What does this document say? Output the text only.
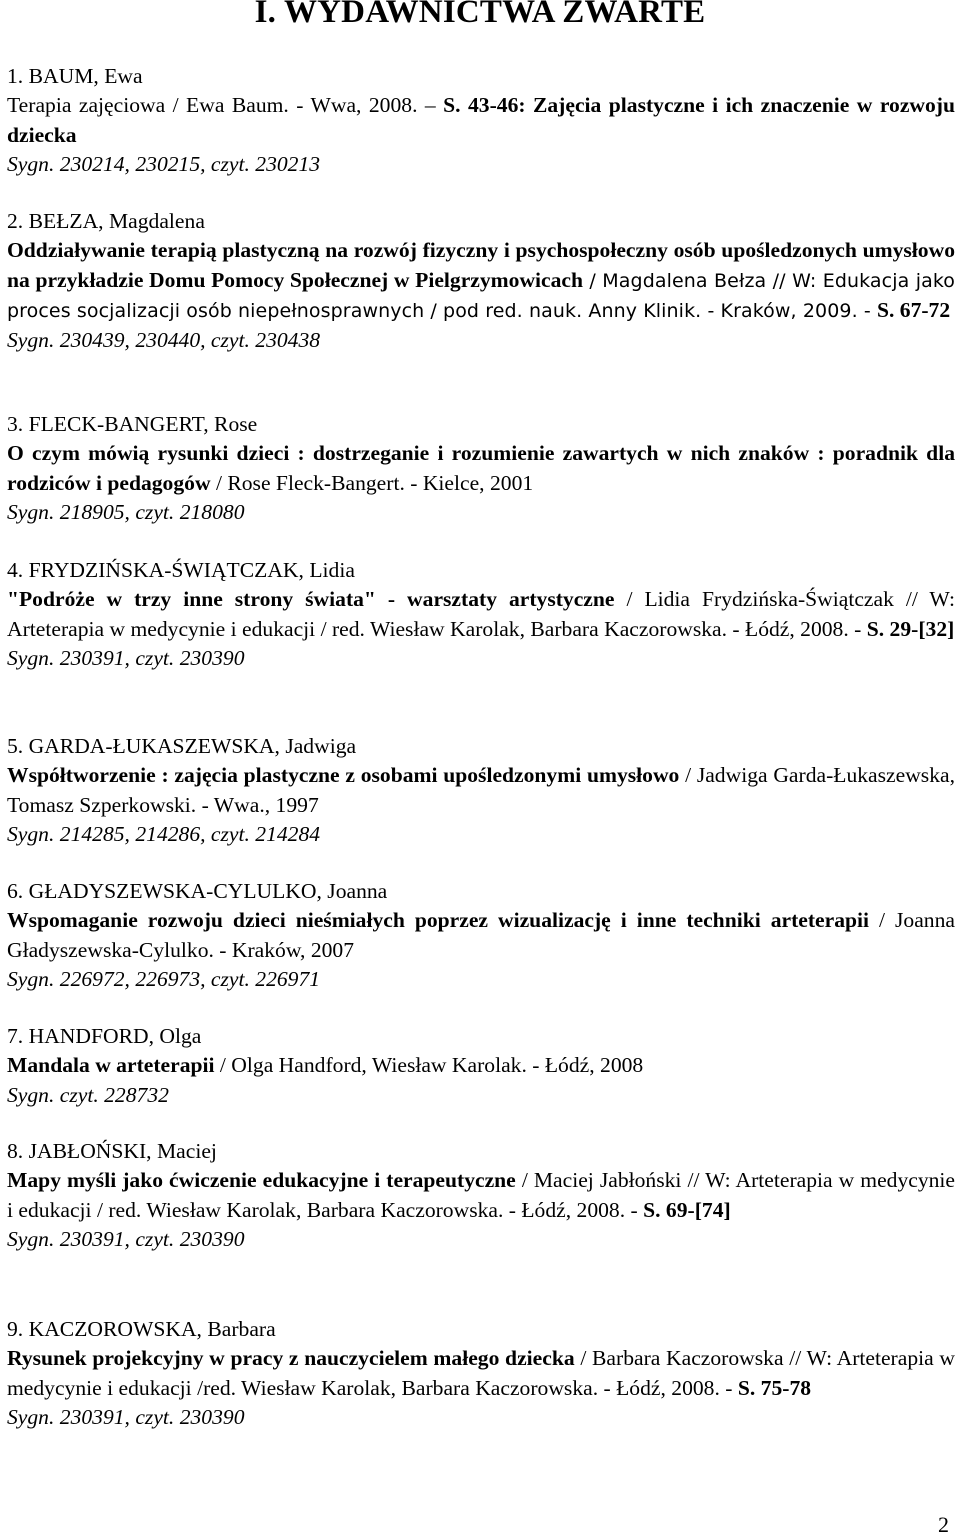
I. WYDAWNICTWA ZWARTE

1. BAUM, Ewa

Terapia zajęciowa / Ewa Baum. - Wwa, 2008. – S. 43-46: Zajęcia plastyczne i ich znaczenie w rozwoju dziecka

Sygn. 230214, 230215, czyt. 230213

2. BEŁZA, Magdalena

Oddziaływanie terapią plastyczną na rozwój fizyczny i psychospołeczny osób upośledzonych umysłowo na przykładzie Domu Pomocy Społecznej w Pielgrzymowicach / Magdalena Bełza // W: Edukacja jako proces socjalizacji osób niepełnosprawnych / pod red. nauk. Anny Klinik. - Kraków, 2009. - S. 67-72

Sygn. 230439, 230440, czyt. 230438

3. FLECK-BANGERT, Rose

O czym mówią rysunki dzieci : dostrzeganie i rozumienie zawartych w nich znaków : poradnik dla rodziców i pedagogów / Rose Fleck-Bangert. - Kielce, 2001

Sygn. 218905, czyt. 218080

4. FRYDZIŃSKA-ŚWIĄTCZAK, Lidia

"Podróże w trzy inne strony świata" - warsztaty artystyczne / Lidia Frydzińska-Świątczak // W: Arteterapia w medycynie i edukacji / red. Wiesław Karolak, Barbara Kaczorowska. - Łódź, 2008. - S. 29-[32]

Sygn. 230391, czyt. 230390

5. GARDA-ŁUKASZEWSKA, Jadwiga

Współtworzenie : zajęcia plastyczne z osobami upośledzonymi umysłowo / Jadwiga Garda-Łukaszewska, Tomasz Szperkowski. - Wwa., 1997

Sygn. 214285, 214286, czyt. 214284

6. GŁADYSZEWSKA-CYLULKO, Joanna

Wspomaganie rozwoju dzieci nieśmiałych poprzez wizualizację i inne techniki arteterapii / Joanna Gładyszewska-Cylulko. - Kraków, 2007

Sygn. 226972, 226973, czyt. 226971

7. HANDFORD, Olga

Mandala w arteterapii / Olga Handford, Wiesław Karolak. - Łódź, 2008

Sygn. czyt. 228732

8. JABŁOŃSKI, Maciej

Mapy myśli jako ćwiczenie edukacyjne i terapeutyczne / Maciej Jabłoński // W: Arteterapia w medycynie i edukacji / red. Wiesław Karolak, Barbara Kaczorowska. - Łódź, 2008. - S. 69-[74]

Sygn. 230391, czyt. 230390

9. KACZOROWSKA, Barbara

Rysunek projekcyjny w pracy z nauczycielem małego dziecka / Barbara Kaczorowska // W: Arteterapia w medycynie i edukacji /red. Wiesław Karolak, Barbara Kaczorowska. - Łódź, 2008. - S. 75-78

Sygn. 230391, czyt. 230390

2
